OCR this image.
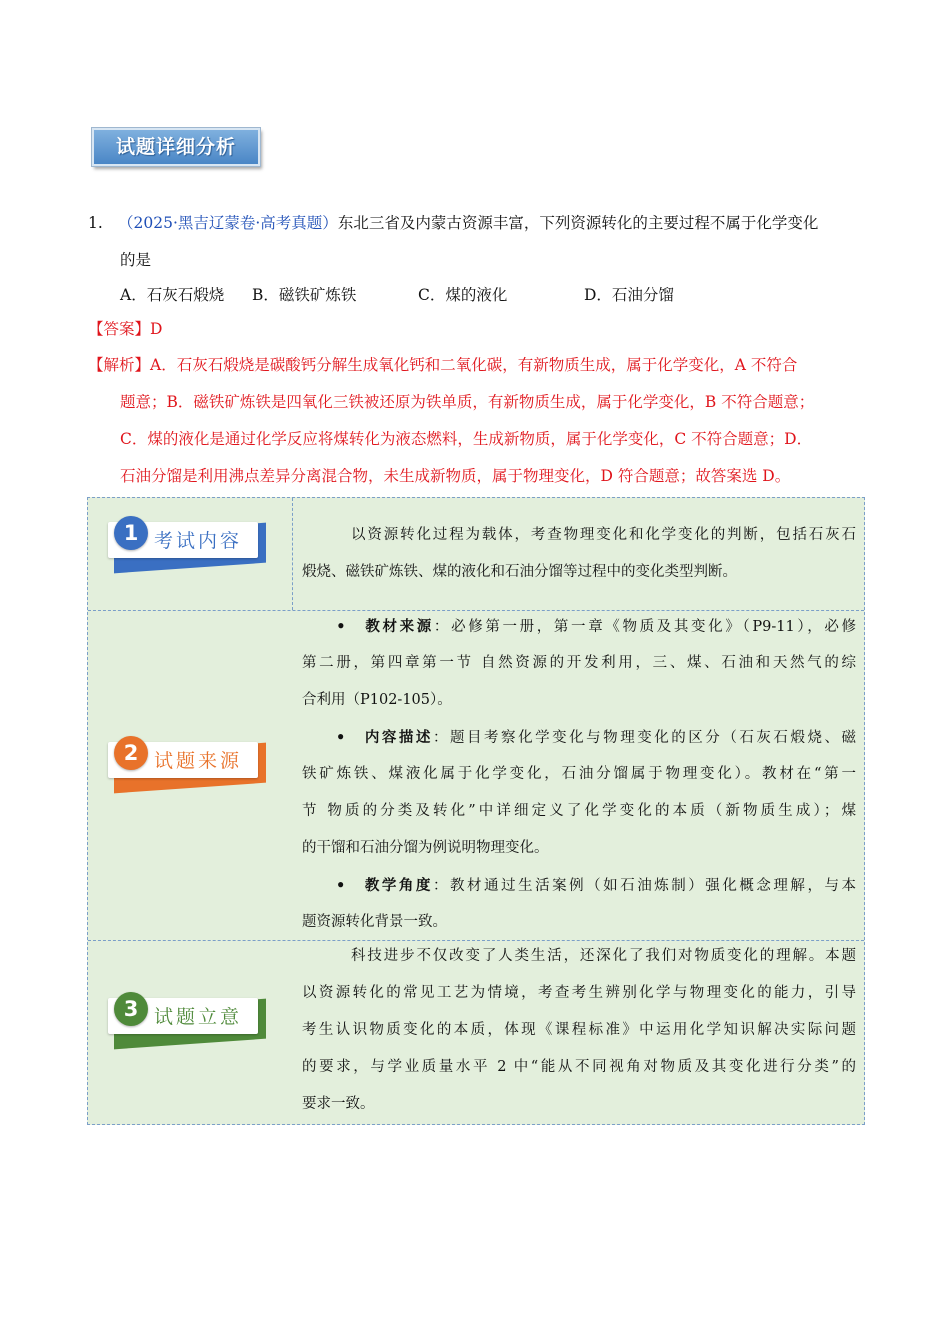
试题详细分析
1. （2025·黑吉辽蒙卷·高考真题）东北三省及内蒙古资源丰富，下列资源转化的主要过程不属于化学变化
的是
A．石灰石煅烧 B．磁铁矿炼铁	C．煤的液化	D．石油分馏
【答案】D
【解析】A．石灰石煅烧是碳酸钙分解生成氧化钙和二氧化碳，有新物质生成，属于化学变化，A 不符合
题意；B．磁铁矿炼铁是四氧化三铁被还原为铁单质，有新物质生成，属于化学变化，B 不符合题意；
C．煤的液化是通过化学反应将煤转化为液态燃料，生成新物质，属于化学变化，C 不符合题意；D．
石油分馏是利用沸点差异分离混合物，未生成新物质，属于物理变化，D 符合题意；故答案选 D。
1 考试内容	　　　以资源转化过程为载体，考查物理变化和化学变化的判断，包括石灰石
煅烧、磁铁矿炼铁、煤的液化和石油分馏等过程中的变化类型判断。
2 试题来源
　　•　教材来源：必修第一册，第一章《物质及其变化》（P9-11），必修
第二册，第四章第一节 自然资源的开发利用，三、煤、石油和天然气的综
合利用（P102-105）。
　　•　内容描述：题目考察化学变化与物理变化的区分（石灰石煅烧、磁
铁矿炼铁、煤液化属于化学变化，石油分馏属于物理变化）。教材在“第一
节 物质的分类及转化”中详细定义了化学变化的本质（新物质生成）；煤
的干馏和石油分馏为例说明物理变化。
　　•　教学角度：教材通过生活案例（如石油炼制）强化概念理解，与本
题资源转化背景一致。
3 试题立意
　　　科技进步不仅改变了人类生活，还深化了我们对物质变化的理解。本题
以资源转化的常见工艺为情境，考查考生辨别化学与物理变化的能力，引导
考生认识物质变化的本质，体现《课程标准》中运用化学知识解决实际问题
的要求，与学业质量水平 2 中“能从不同视角对物质及其变化进行分类”的
要求一致。
